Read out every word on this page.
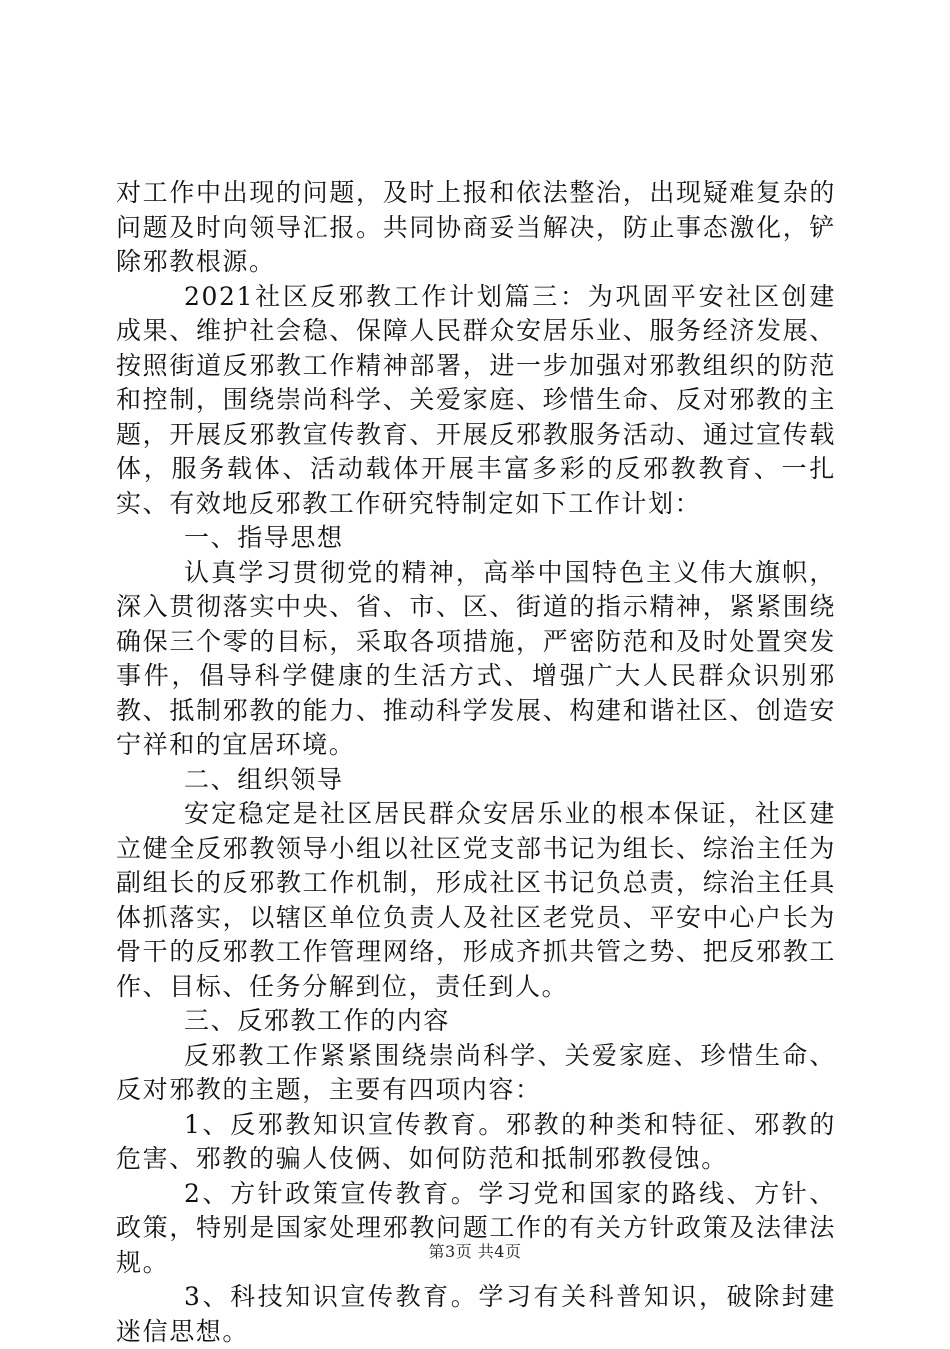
对工作中出现的问题，及时上报和依法整治，出现疑难复杂的问题及时向领导汇报。共同协商妥当解决，防止事态激化，铲除邪教根源。

2021社区反邪教工作计划篇三：为巩固平安社区创建成果、维护社会稳、保障人民群众安居乐业、服务经济发展、按照街道反邪教工作精神部署，进一步加强对邪教组织的防范和控制，围绕崇尚科学、关爱家庭、珍惜生命、反对邪教的主题，开展反邪教宣传教育、开展反邪教服务活动、通过宣传载体，服务载体、活动载体开展丰富多彩的反邪教教育、一扎实、有效地反邪教工作研究特制定如下工作计划：

一、指导思想

认真学习贯彻党的精神，高举中国特色主义伟大旗帜，深入贯彻落实中央、省、市、区、街道的指示精神，紧紧围绕确保三个零的目标，采取各项措施，严密防范和及时处置突发事件，倡导科学健康的生活方式、增强广大人民群众识别邪教、抵制邪教的能力、推动科学发展、构建和谐社区、创造安宁祥和的宜居环境。

二、组织领导

安定稳定是社区居民群众安居乐业的根本保证，社区建立健全反邪教领导小组以社区党支部书记为组长、综治主任为副组长的反邪教工作机制，形成社区书记负总责，综治主任具体抓落实，以辖区单位负责人及社区老党员、平安中心户长为骨干的反邪教工作管理网络，形成齐抓共管之势、把反邪教工作、目标、任务分解到位，责任到人。

三、反邪教工作的内容

反邪教工作紧紧围绕崇尚科学、关爱家庭、珍惜生命、反对邪教的主题，主要有四项内容：

1、反邪教知识宣传教育。邪教的种类和特征、邪教的危害、邪教的骗人伎俩、如何防范和抵制邪教侵蚀。

2、方针政策宣传教育。学习党和国家的路线、方针、政策，特别是国家处理邪教问题工作的有关方针政策及法律法规。

3、科技知识宣传教育。学习有关科普知识，破除封建迷信思想。

第3页 共4页
